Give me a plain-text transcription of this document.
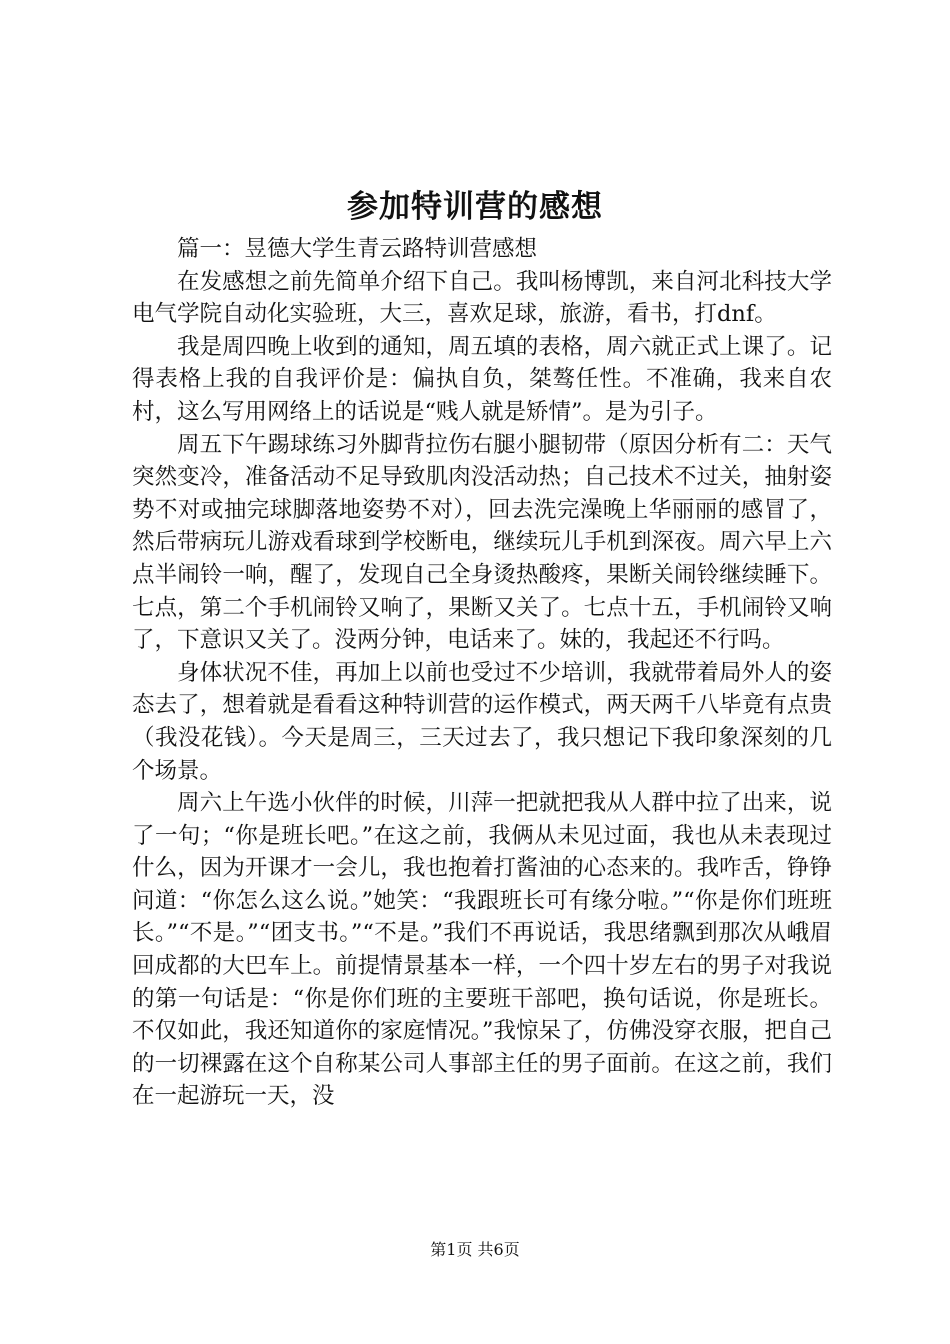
参加特训营的感想

篇一：昱德大学生青云路特训营感想

在发感想之前先简单介绍下自己。我叫杨博凯，来自河北科技大学电气学院自动化实验班，大三，喜欢足球，旅游，看书，打dnf。

我是周四晚上收到的通知，周五填的表格，周六就正式上课了。记得表格上我的自我评价是：偏执自负，桀骜任性。不准确，我来自农村，这么写用网络上的话说是“贱人就是矫情”。是为引子。

周五下午踢球练习外脚背拉伤右腿小腿韧带（原因分析有二：天气突然变冷，准备活动不足导致肌肉没活动热；自己技术不过关，抽射姿势不对或抽完球脚落地姿势不对），回去洗完澡晚上华丽丽的感冒了，然后带病玩儿游戏看球到学校断电，继续玩儿手机到深夜。周六早上六点半闹铃一响，醒了，发现自己全身烫热酸疼，果断关闹铃继续睡下。七点，第二个手机闹铃又响了，果断又关了。七点十五，手机闹铃又响了，下意识又关了。没两分钟，电话来了。妹的，我起还不行吗。

身体状况不佳，再加上以前也受过不少培训，我就带着局外人的姿态去了，想着就是看看这种特训营的运作模式，两天两千八毕竟有点贵（我没花钱）。今天是周三，三天过去了，我只想记下我印象深刻的几个场景。

周六上午选小伙伴的时候，川萍一把就把我从人群中拉了出来，说了一句；“你是班长吧。”在这之前，我俩从未见过面，我也从未表现过什么，因为开课才一会儿，我也抱着打酱油的心态来的。我咋舌，铮铮问道：“你怎么这么说。”她笑：“我跟班长可有缘分啦。”“你是你们班班长。”“不是。”“团支书。”“不是。”我们不再说话，我思绪飘到那次从峨眉回成都的大巴车上。前提情景基本一样，一个四十岁左右的男子对我说的第一句话是：“你是你们班的主要班干部吧，换句话说，你是班长。不仅如此，我还知道你的家庭情况。”我惊呆了，仿佛没穿衣服，把自己的一切裸露在这个自称某公司人事部主任的男子面前。在这之前，我们在一起游玩一天，没

第1页 共6页
